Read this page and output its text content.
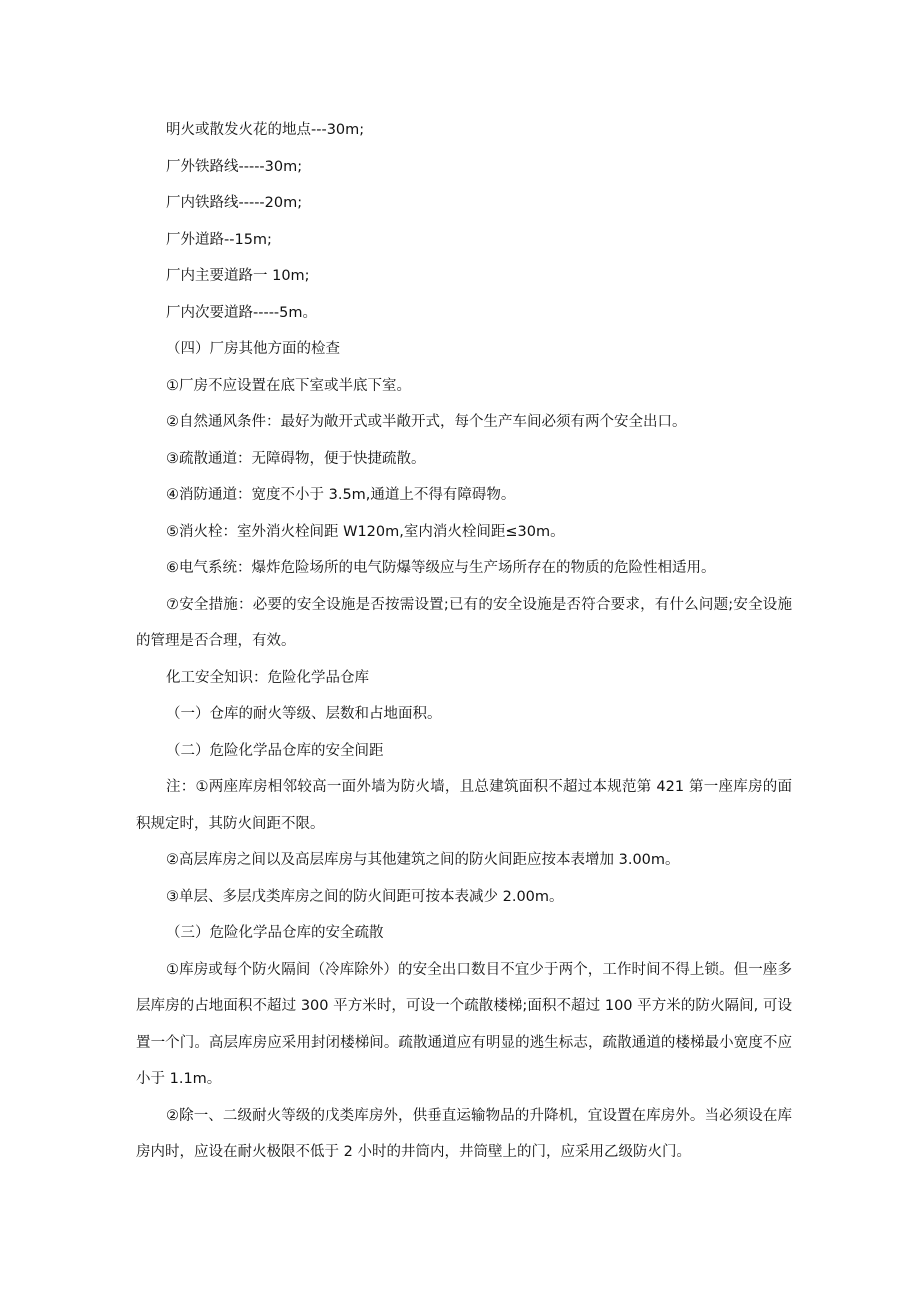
明火或散发火花的地点---30m;

厂外铁路线-----30m;

厂内铁路线-----20m;

厂外道路--15m;

厂内主要道路一 10m;

厂内次要道路-----5m。

（四）厂房其他方面的检查

①厂房不应设置在底下室或半底下室。

②自然通风条件：最好为敞开式或半敞开式，每个生产车间必须有两个安全出口。

③疏散通道：无障碍物，便于快捷疏散。

④消防通道：宽度不小于 3.5m,通道上不得有障碍物。

⑤消火栓：室外消火栓间距 W120m,室内消火栓间距≤30m。

⑥电气系统：爆炸危险场所的电气防爆等级应与生产场所存在的物质的危险性相适用。

⑦安全措施：必要的安全设施是否按需设置;已有的安全设施是否符合要求，有什么问题;安全设施的管理是否合理，有效。

化工安全知识：危险化学品仓库

（一）仓库的耐火等级、层数和占地面积。

（二）危险化学品仓库的安全间距

注：①两座库房相邻较高一面外墙为防火墙，且总建筑面积不超过本规范第 421 第一座库房的面积规定时，其防火间距不限。

②高层库房之间以及高层库房与其他建筑之间的防火间距应按本表增加 3.00m。

③单层、多层戊类库房之间的防火间距可按本表减少 2.00m。

（三）危险化学品仓库的安全疏散

①库房或每个防火隔间（冷库除外）的安全出口数目不宜少于两个，工作时间不得上锁。但一座多层库房的占地面积不超过 300 平方米时，可设一个疏散楼梯;面积不超过 100 平方米的防火隔间, 可设置一个门。高层库房应采用封闭楼梯间。疏散通道应有明显的逃生标志，疏散通道的楼梯最小宽度不应小于 1.1m。

②除一、二级耐火等级的戊类库房外，供垂直运输物品的升降机，宜设置在库房外。当必须设在库房内时，应设在耐火极限不低于 2 小时的井筒内，井筒壁上的门，应采用乙级防火门。
